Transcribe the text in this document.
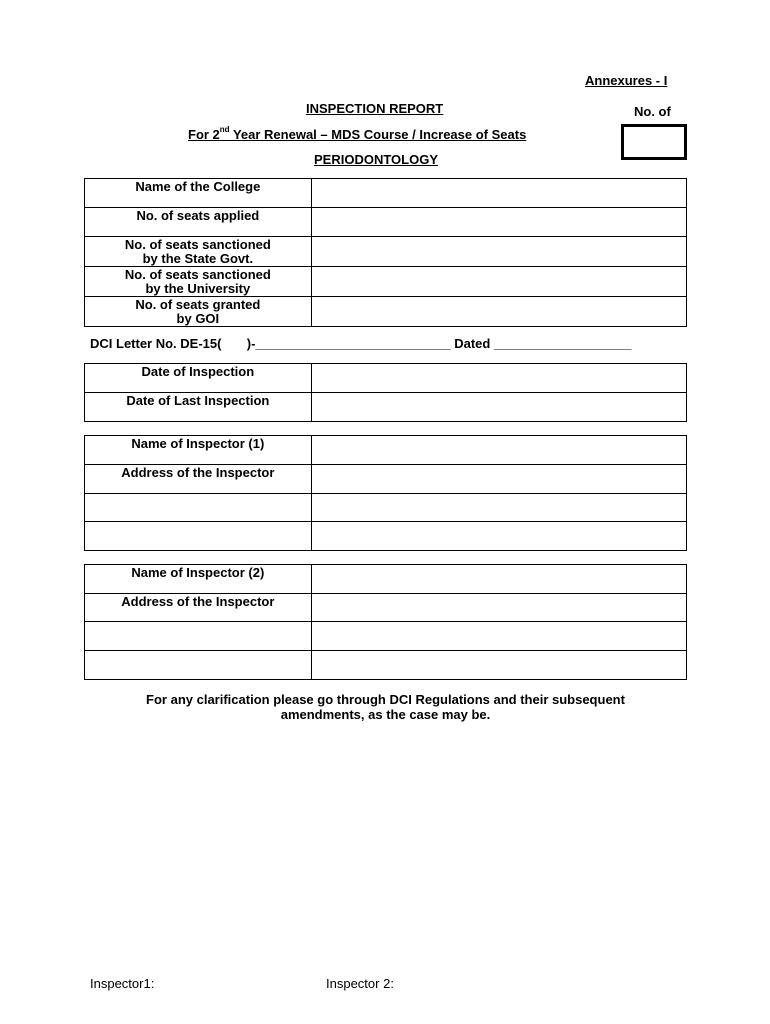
Annexures - I
INSPECTION REPORT	No. of
For 2nd Year Renewal – MDS Course / Increase of Seats
PERIODONTOLOGY
Name of the College	
No. of seats applied	
No. of seats sanctioned
by the State Govt.	
No. of seats sanctioned
by the University	
No. of seats granted
by GOI	
DCI Letter No. DE-15(       )-___________________________ Dated ___________________
Date of Inspection	
Date of Last Inspection	
Name of Inspector (1)	
Address of the Inspector	

Name of Inspector (2)	
Address of the Inspector	

For any clarification please go through DCI Regulations and their subsequent
amendments, as the case may be.
Inspector1:	Inspector 2:
